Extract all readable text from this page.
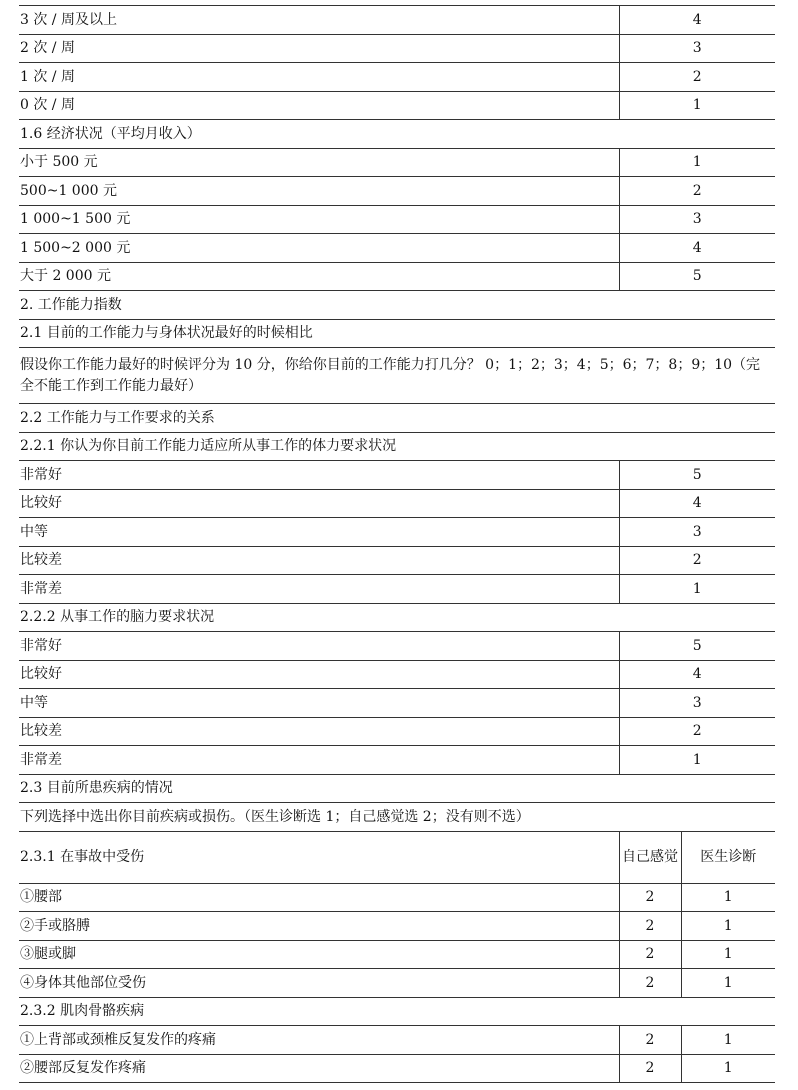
3 次 / 周及以上	4	
2 次 / 周	3	
1 次 / 周	2	
0 次 / 周	1	
1.6 经济状况（平均月收入）		
小于 500 元	1	
500~1 000 元	2	
1 000~1 500 元	3	
1 500~2 000 元	4	
大于 2 000 元	5	
2. 工作能力指数		
2.1 目前的工作能力与身体状况最好的时候相比		
假设你工作能力最好的时候评分为 10 分，你给你目前的工作能力打几分？ 0；1；2；3；4；5；6；7；8；9；10（完全不能工作到工作能力最好）		
2.2 工作能力与工作要求的关系		
2.2.1 你认为你目前工作能力适应所从事工作的体力要求状况		
非常好	5	
比较好	4	
中等	3	
比较差	2	
非常差	1	
2.2.2 从事工作的脑力要求状况		
非常好	5	
比较好	4	
中等	3	
比较差	2	
非常差	1	
2.3 目前所患疾病的情况		
下列选择中选出你目前疾病或损伤。（医生诊断选 1；自己感觉选 2；没有则不选）		
2.3.1 在事故中受伤	自己感觉	医生诊断
①腰部	2	1
②手或胳膊	2	1
③腿或脚	2	1
④身体其他部位受伤	2	1
2.3.2 肌肉骨骼疾病		
①上背部或颈椎反复发作的疼痛	2	1
②腰部反复发作疼痛	2	1
